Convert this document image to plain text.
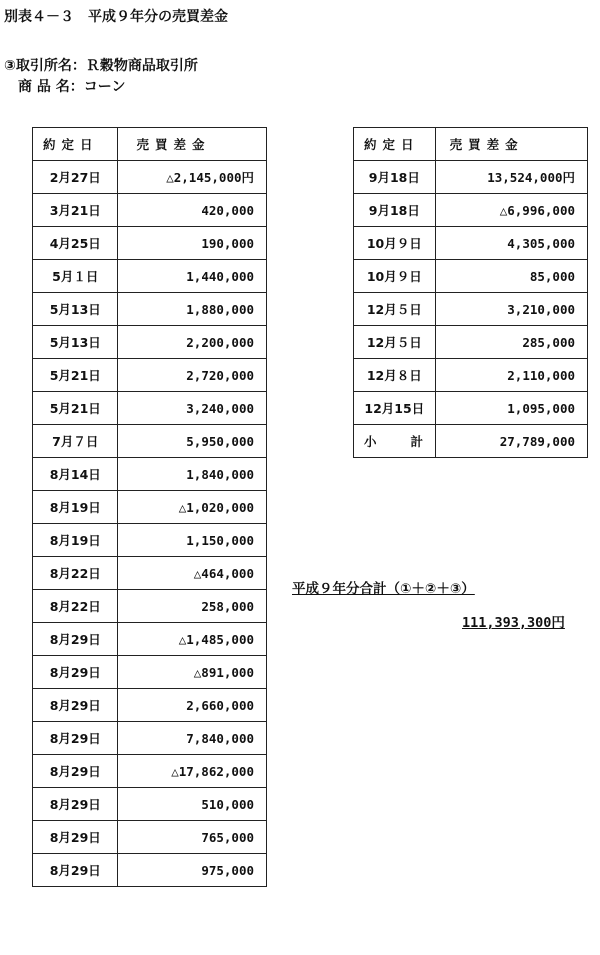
別表４－３　平成９年分の売買差金
③取引所名：Ｒ穀物商品取引所
商 品 名：コーン
約定日	売買差金
2月27日	△2,145,000円
3月21日	420,000
4月25日	190,000
5月１日	1,440,000
5月13日	1,880,000
5月13日	2,200,000
5月21日	2,720,000
5月21日	3,240,000
7月７日	5,950,000
8月14日	1,840,000
8月19日	△1,020,000
8月19日	1,150,000
8月22日	△464,000
8月22日	258,000
8月29日	△1,485,000
8月29日	△891,000
8月29日	2,660,000
8月29日	7,840,000
8月29日	△17,862,000
8月29日	510,000
8月29日	765,000
8月29日	975,000
約定日	売買差金
9月18日	13,524,000円
9月18日	△6,996,000
10月９日	4,305,000
10月９日	85,000
12月５日	3,210,000
12月５日	285,000
12月８日	2,110,000
12月15日	1,095,000
小 計	27,789,000
平成９年分合計（①＋②＋③）
111,393,300円
